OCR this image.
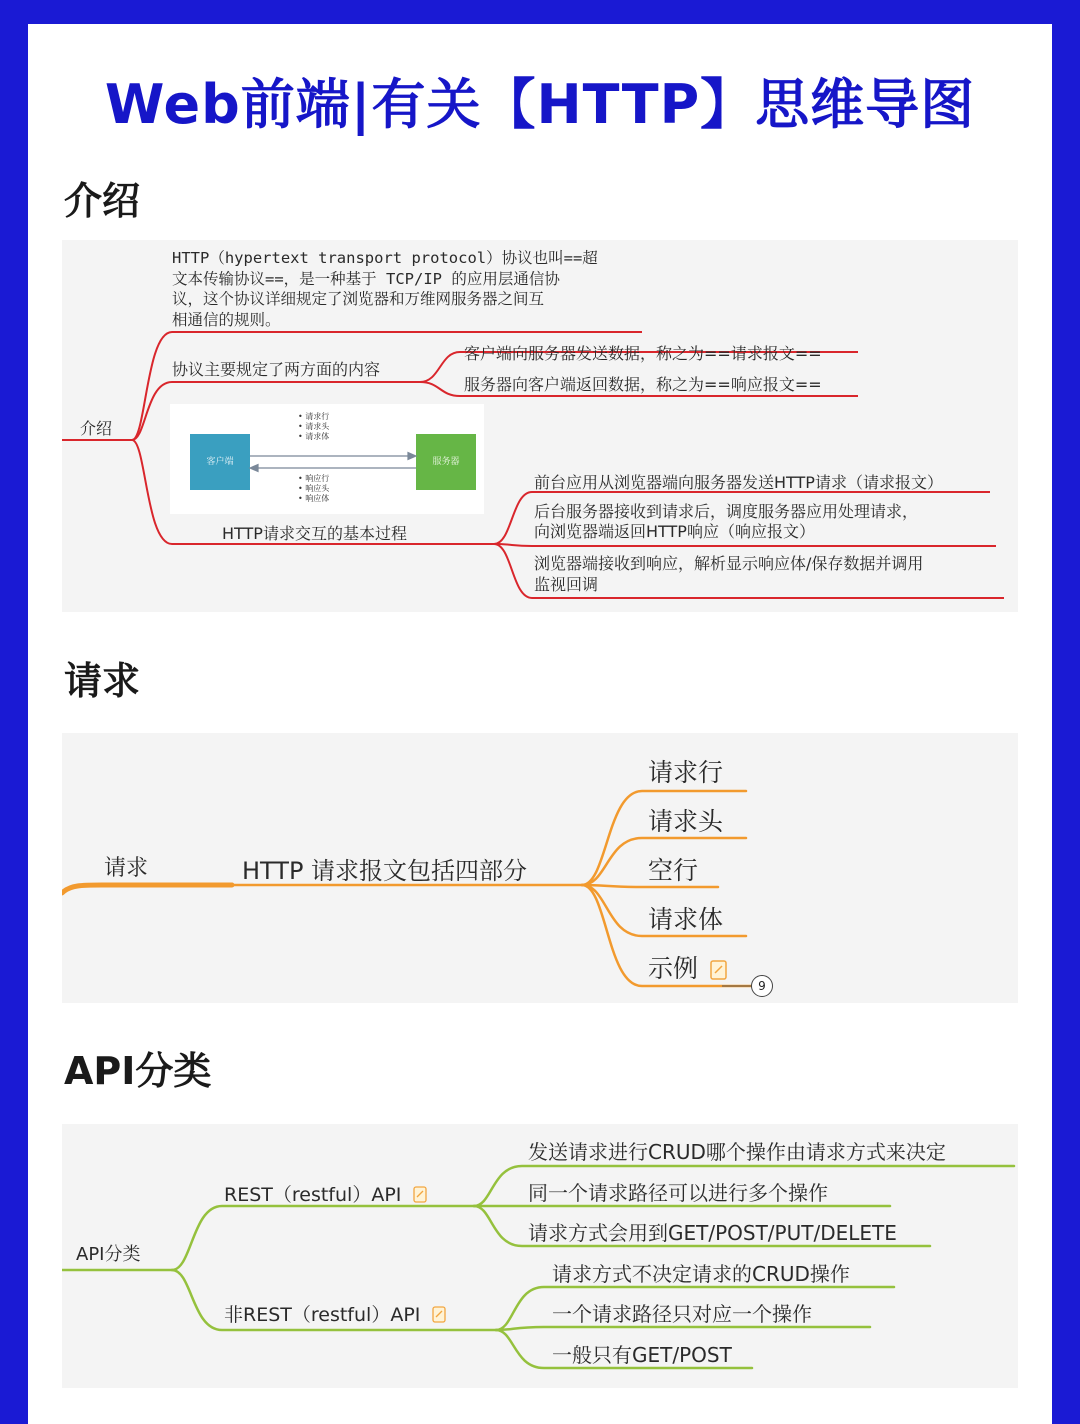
Web前端|有关【HTTP】思维导图
介绍
介绍
HTTP（hypertext transport protocol）协议也叫==超
文本传输协议==，是一种基于 TCP/IP 的应用层通信协
议，这个协议详细规定了浏览器和万维网服务器之间互
相通信的规则。
协议主要规定了两方面的内容
客户端向服务器发送数据，称之为==请求报文==
服务器向客户端返回数据，称之为==响应报文==
客户端	服务器
• 请求行
• 请求头
• 请求体
• 响应行
• 响应头
• 响应体
HTTP请求交互的基本过程
前台应用从浏览器端向服务器发送HTTP请求（请求报文）
后台服务器接收到请求后，调度服务器应用处理请求，
向浏览器端返回HTTP响应（响应报文）
浏览器端接收到响应，解析显示响应体/保存数据并调用
监视回调
请求
请求	HTTP 请求报文包括四部分
请求行
请求头
空行
请求体
示例
9
API分类
API分类
REST（restful）API
非REST（restful）API
发送请求进行CRUD哪个操作由请求方式来决定
同一个请求路径可以进行多个操作
请求方式会用到GET/POST/PUT/DELETE
请求方式不决定请求的CRUD操作
一个请求路径只对应一个操作
一般只有GET/POST
